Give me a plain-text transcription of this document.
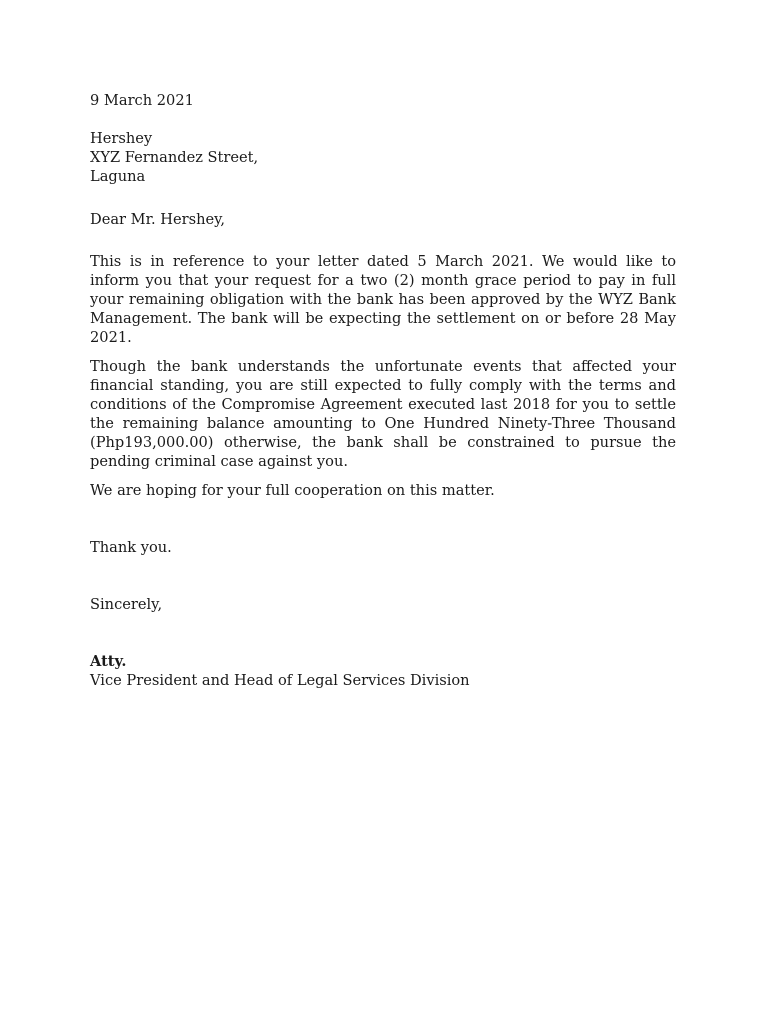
9 March 2021
Hershey
XYZ Fernandez Street,
Laguna
Dear Mr. Hershey,

This is in reference to your letter dated 5 March 2021. We would like to inform you that your request for a two (2) month grace period to pay in full your remaining obligation with the bank has been approved by the WYZ Bank Management. The bank will be expecting the settlement on or before 28 May 2021.

Though the bank understands the unfortunate events that affected your financial standing, you are still expected to fully comply with the terms and conditions of the Compromise Agreement executed last 2018 for you to settle the remaining balance amounting to One Hundred Ninety-Three Thousand (Php193,000.00) otherwise, the bank shall be constrained to pursue the pending criminal case against you.

We are hoping for your full cooperation on this matter.

Thank you.
Sincerely,
Atty.
Vice President and Head of Legal Services Division
